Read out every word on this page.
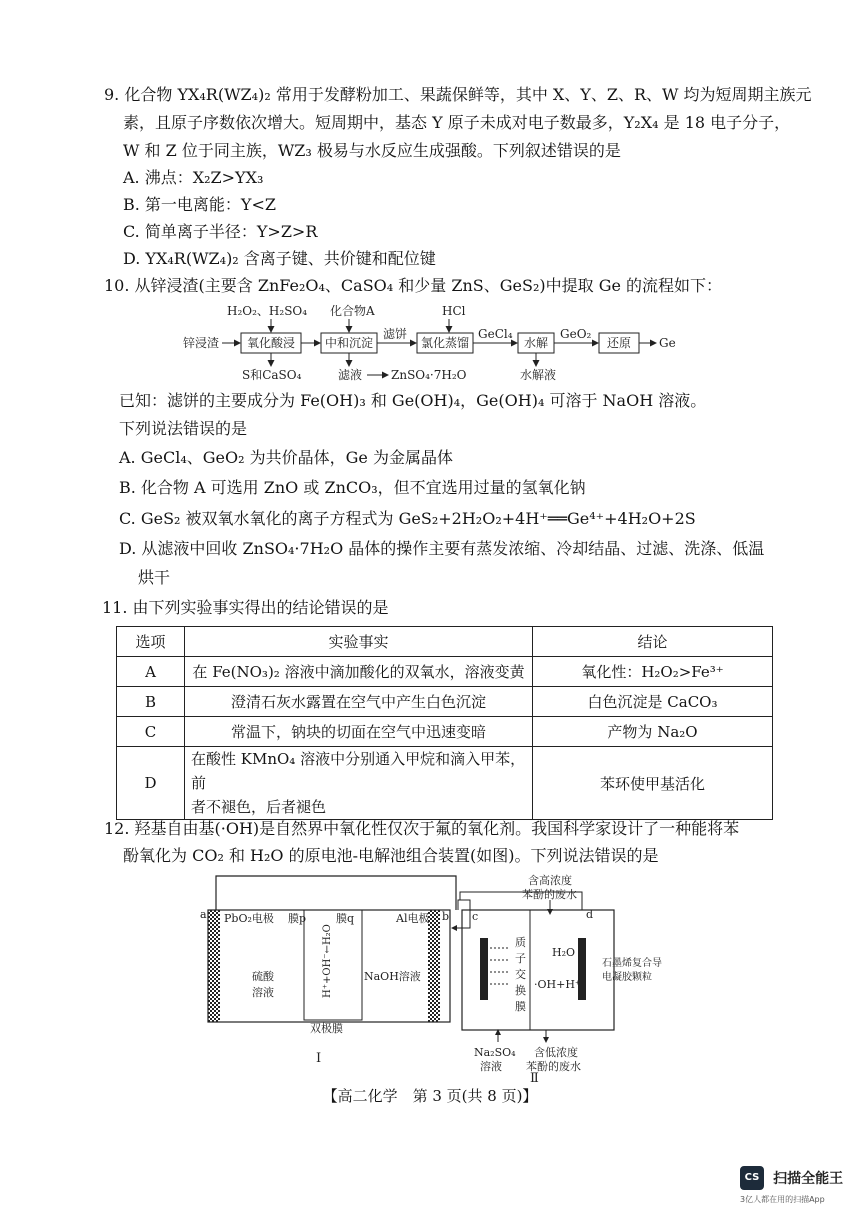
9. 化合物 YX₄R(WZ₄)₂ 常用于发酵粉加工、果蔬保鲜等，其中 X、Y、Z、R、W 均为短周期主族元
素，且原子序数依次增大。短周期中，基态 Y 原子未成对电子数最多，Y₂X₄ 是 18 电子分子，
W 和 Z 位于同主族，WZ₃ 极易与水反应生成强酸。下列叙述错误的是
A. 沸点：X₂Z>YX₃
B. 第一电离能：Y<Z
C. 简单离子半径：Y>Z>R
D. YX₄R(WZ₄)₂ 含离子键、共价键和配位键
10. 从锌浸渣(主要含 ZnFe₂O₄、CaSO₄ 和少量 ZnS、GeS₂)中提取 Ge 的流程如下：
锌浸渣 氧化酸浸
H₂O₂、H₂SO₄
S和CaSO₄
中和沉淀
化合物A
滤液 ZnSO₄·7H₂O
滤饼
氯化蒸馏
HCl
GeCl₄
水解
水解液
GeO₂
还原 Ge
已知：滤饼的主要成分为 Fe(OH)₃ 和 Ge(OH)₄，Ge(OH)₄ 可溶于 NaOH 溶液。
下列说法错误的是
A. GeCl₄、GeO₂ 为共价晶体，Ge 为金属晶体
B. 化合物 A 可选用 ZnO 或 ZnCO₃，但不宜选用过量的氢氧化钠
C. GeS₂ 被双氧水氧化的离子方程式为 GeS₂+2H₂O₂+4H⁺══Ge⁴⁺+4H₂O+2S
D. 从滤液中回收 ZnSO₄·7H₂O 晶体的操作主要有蒸发浓缩、冷却结晶、过滤、洗涤、低温
烘干
11. 由下列实验事实得出的结论错误的是
选项	实验事实	结论
A	在 Fe(NO₃)₂ 溶液中滴加酸化的双氧水，溶液变黄	氧化性：H₂O₂>Fe³⁺
B	澄清石灰水露置在空气中产生白色沉淀	白色沉淀是 CaCO₃
C	常温下，钠块的切面在空气中迅速变暗	产物为 Na₂O
D	在酸性 KMnO₄ 溶液中分别通入甲烷和滴入甲苯，前
者不褪色，后者褪色	苯环使甲基活化
12. 羟基自由基(·OH)是自然界中氧化性仅次于氟的氧化剂。我国科学家设计了一种能将苯
酚氧化为 CO₂ 和 H₂O 的原电池-电解池组合装置(如图)。下列说法错误的是
a PbO₂电极 膜p	膜q	Al电极
硫酸
溶液	H⁺+OH⁻←H₂O	NaOH溶液
双极膜
Ⅰ
b c	d
质
子
交
换
膜
含高浓度
苯酚的废水
H₂O
·OH+H⁺
石墨烯复合导
电凝胶颗粒
Na₂SO₄
溶液
含低浓度
苯酚的废水
Ⅱ
【高二化学　第 3 页(共 8 页)】
CS 扫描全能王
3亿人都在用的扫描App
